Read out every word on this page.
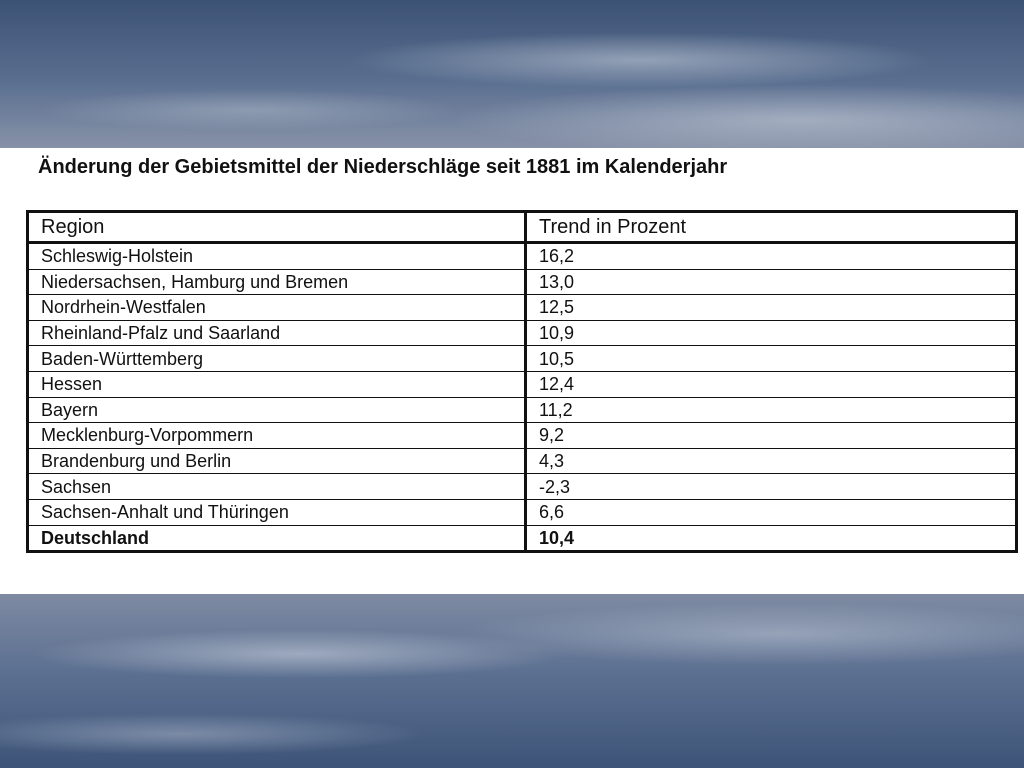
Änderung der Gebietsmittel der Niederschläge seit 1881 im Kalenderjahr
Region	Trend in Prozent
Schleswig-Holstein	16,2
Niedersachsen, Hamburg und Bremen	13,0
Nordrhein-Westfalen	12,5
Rheinland-Pfalz und Saarland	10,9
Baden-Württemberg	10,5
Hessen	12,4
Bayern	11,2
Mecklenburg-Vorpommern	9,2
Brandenburg und Berlin	4,3
Sachsen	-2,3
Sachsen-Anhalt und Thüringen	6,6
Deutschland	10,4
